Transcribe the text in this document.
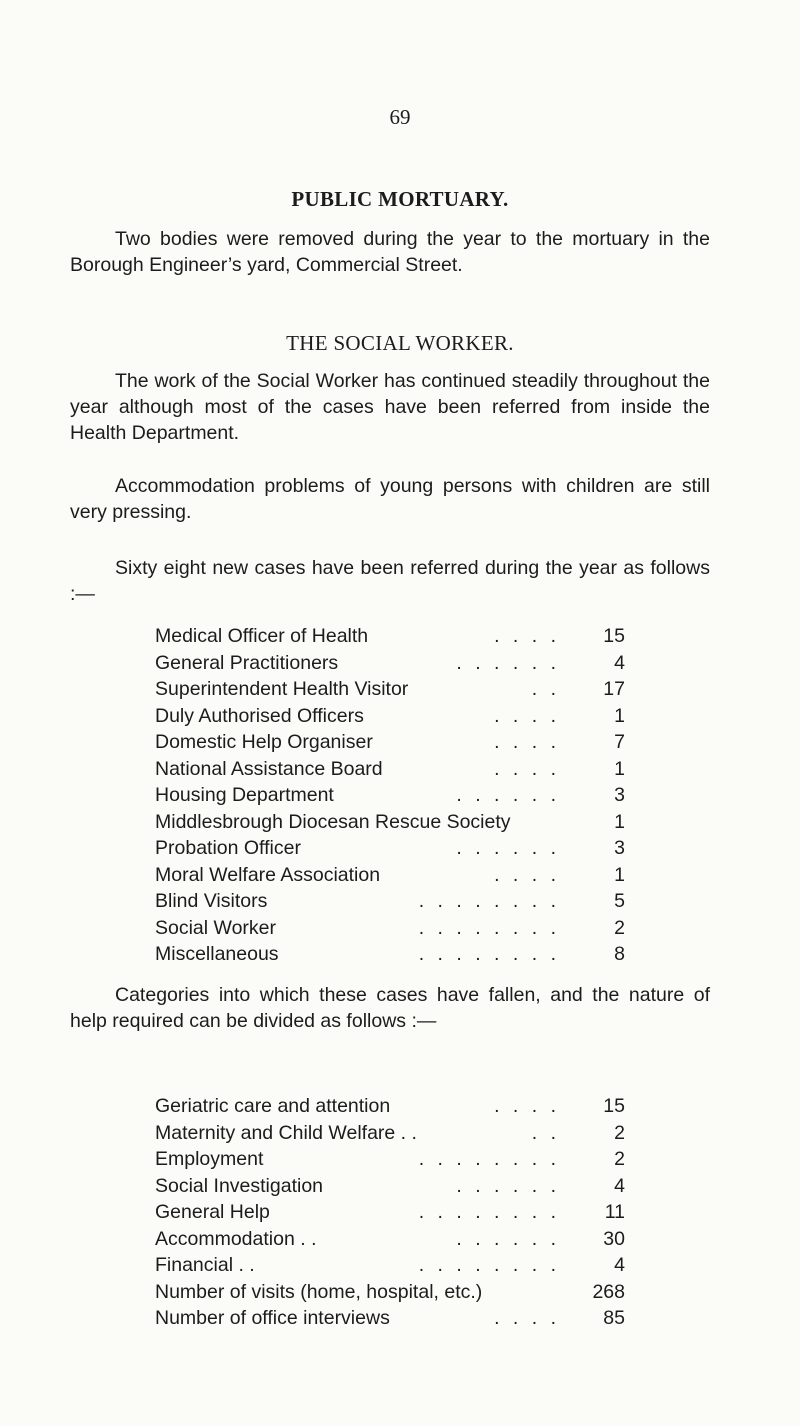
69
PUBLIC MORTUARY.
Two bodies were removed during the year to the mortuary in the Borough Engineer’s yard, Commercial Street.
THE SOCIAL WORKER.
The work of the Social Worker has continued steadily throughout the year although most of the cases have been referred from inside the Health Department.
Accommodation problems of young persons with children are still very pressing.
Sixty eight new cases have been referred during the year as follows :—
Medical Officer of Health	. . . . 15
General Practitioners	. . . . . .	4
Superintendent Health Visitor	. . 17
Duly Authorised Officers	. . . .	1
Domestic Help Organiser	. . . .	7
National Assistance Board	. . . .	1
Housing Department	. . . . . .	3
Middlesbrough Diocesan Rescue Society	1
Probation Officer	. . . . . .	3
Moral Welfare Association	. . . .	1
Blind Visitors	. . . . . . . .	5
Social Worker	. . . . . . . .	2
Miscellaneous	. . . . . . . .	8
Categories into which these cases have fallen, and the nature of help required can be divided as follows :—
Geriatric care and attention	. . . . 15
Maternity and Child Welfare . .	. .	2
Employment	. . . . . . . .	2
Social Investigation	. . . . . .	4
General Help	. . . . . . . . 11
Accommodation . .	. . . . . . 30
Financial . .	. . . . . . . .	4
Number of visits (home, hospital, etc.)	268
Number of office interviews	. . . . 85
